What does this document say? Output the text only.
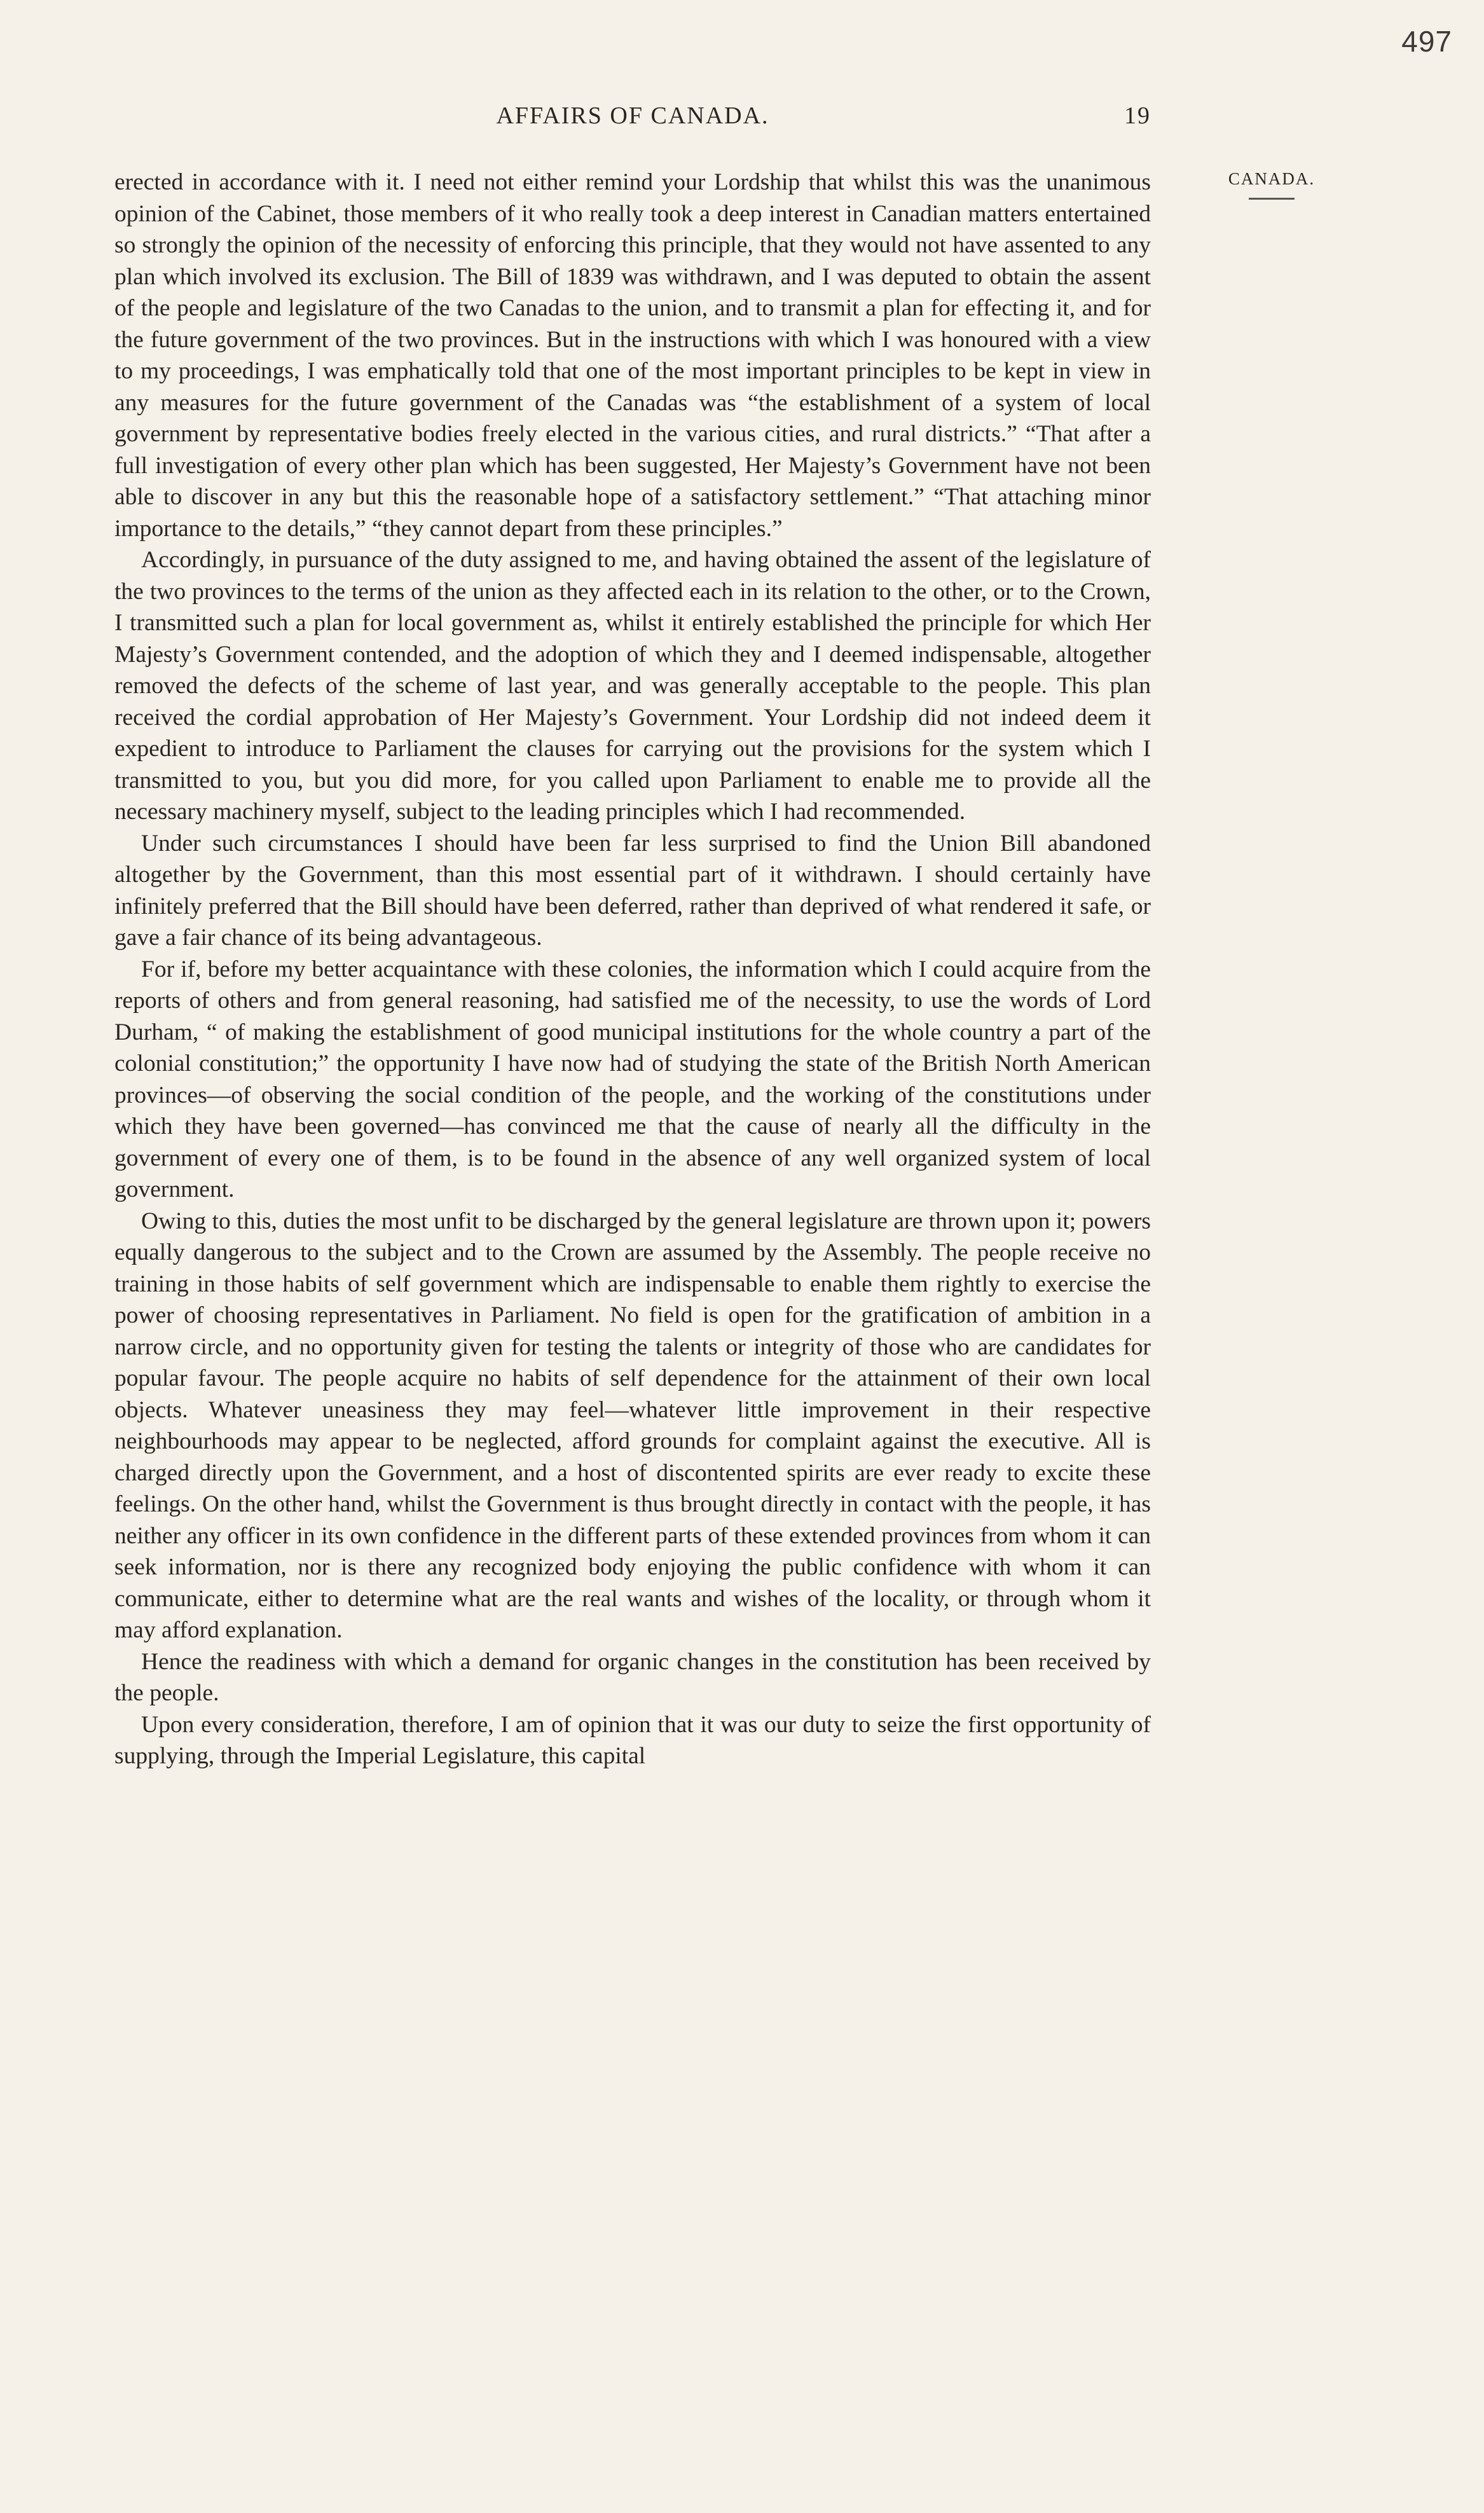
497
AFFAIRS OF CANADA.	19
CANADA.

erected in accordance with it. I need not either remind your Lordship that whilst this was the unanimous opinion of the Cabinet, those members of it who really took a deep interest in Canadian matters entertained so strongly the opinion of the necessity of enforcing this principle, that they would not have assented to any plan which involved its exclusion. The Bill of 1839 was withdrawn, and I was deputed to obtain the assent of the people and legislature of the two Canadas to the union, and to transmit a plan for effecting it, and for the future government of the two provinces. But in the instructions with which I was honoured with a view to my proceedings, I was emphatically told that one of the most important principles to be kept in view in any measures for the future government of the Canadas was “the establishment of a system of local government by representative bodies freely elected in the various cities, and rural districts.” “That after a full investigation of every other plan which has been suggested, Her Majesty’s Government have not been able to discover in any but this the reasonable hope of a satisfactory settlement.” “That attaching minor importance to the details,” “they cannot depart from these principles.”

Accordingly, in pursuance of the duty assigned to me, and having obtained the assent of the legislature of the two provinces to the terms of the union as they affected each in its relation to the other, or to the Crown, I transmitted such a plan for local government as, whilst it entirely established the principle for which Her Majesty’s Government contended, and the adoption of which they and I deemed indispensable, altogether removed the defects of the scheme of last year, and was generally acceptable to the people. This plan received the cordial approbation of Her Majesty’s Government. Your Lordship did not indeed deem it expedient to introduce to Parliament the clauses for carrying out the provisions for the system which I transmitted to you, but you did more, for you called upon Parliament to enable me to provide all the necessary machinery myself, subject to the leading principles which I had recommended.

Under such circumstances I should have been far less surprised to find the Union Bill abandoned altogether by the Government, than this most essential part of it withdrawn. I should certainly have infinitely preferred that the Bill should have been deferred, rather than deprived of what rendered it safe, or gave a fair chance of its being advantageous.

For if, before my better acquaintance with these colonies, the information which I could acquire from the reports of others and from general reasoning, had satisfied me of the necessity, to use the words of Lord Durham, “ of making the establishment of good municipal institutions for the whole country a part of the colonial constitution;” the opportunity I have now had of studying the state of the British North American provinces—of observing the social condition of the people, and the working of the constitutions under which they have been governed—has convinced me that the cause of nearly all the difficulty in the government of every one of them, is to be found in the absence of any well organized system of local government.

Owing to this, duties the most unfit to be discharged by the general legislature are thrown upon it; powers equally dangerous to the subject and to the Crown are assumed by the Assembly. The people receive no training in those habits of self government which are indispensable to enable them rightly to exercise the power of choosing representatives in Parliament. No field is open for the gratification of ambition in a narrow circle, and no opportunity given for testing the talents or integrity of those who are candidates for popular favour. The people acquire no habits of self dependence for the attainment of their own local objects. Whatever uneasiness they may feel—whatever little improvement in their respective neighbourhoods may appear to be neglected, afford grounds for complaint against the executive. All is charged directly upon the Government, and a host of discontented spirits are ever ready to excite these feelings. On the other hand, whilst the Government is thus brought directly in contact with the people, it has neither any officer in its own confidence in the different parts of these extended provinces from whom it can seek information, nor is there any recognized body enjoying the public confidence with whom it can communicate, either to determine what are the real wants and wishes of the locality, or through whom it may afford explanation.

Hence the readiness with which a demand for organic changes in the constitution has been received by the people.

Upon every consideration, therefore, I am of opinion that it was our duty to seize the first opportunity of supplying, through the Imperial Legislature, this capital
